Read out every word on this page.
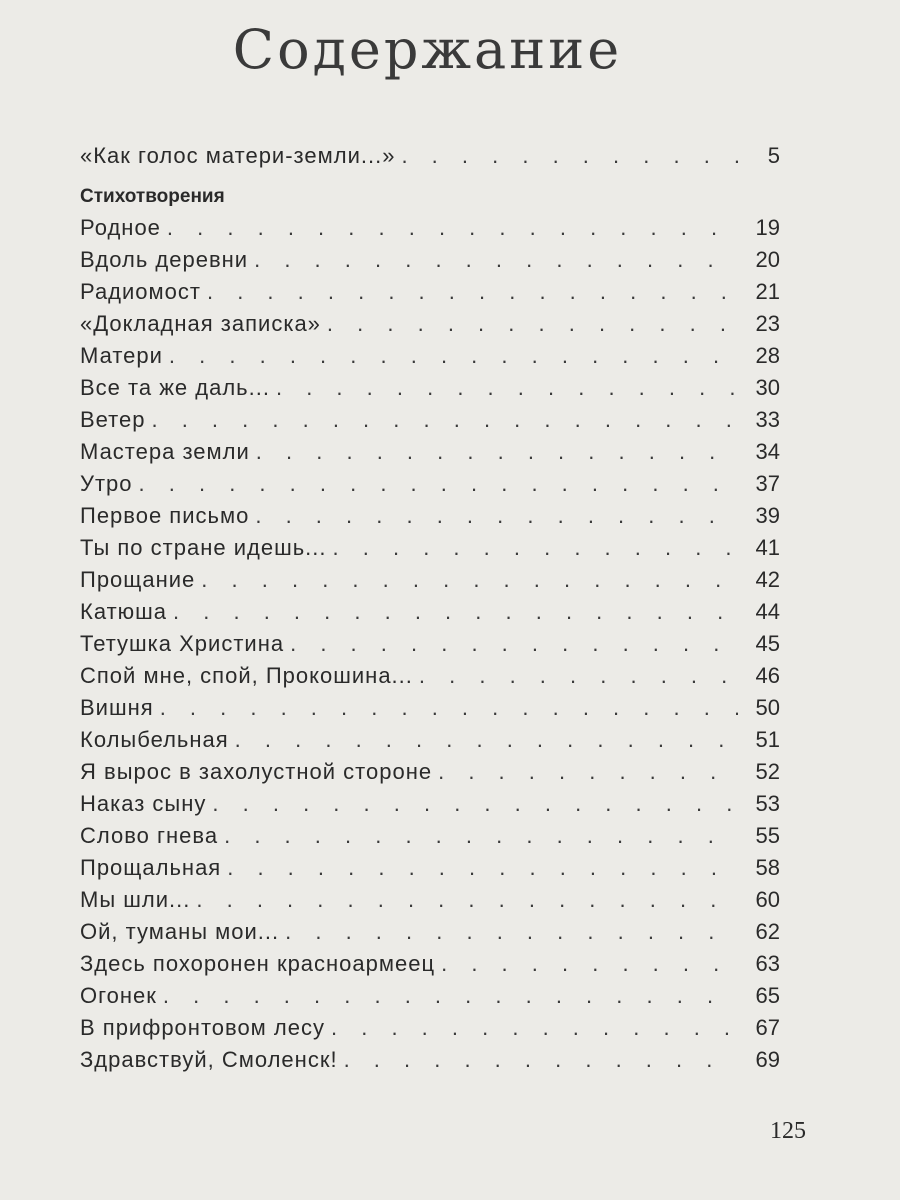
Содержание
«Как голос матери-земли...» . . .	5
Стихотворения
Родное . . .	19
Вдоль деревни . . .	20
Радиомост . . .	21
«Докладная записка» . . .	23
Матери . . .	28
Все та же даль... . . .	30
Ветер . . .	33
Мастера земли . . .	34
Утро . . .	37
Первое письмо . . .	39
Ты по стране идешь... . . .	41
Прощание . . .	42
Катюша . . .	44
Тетушка Христина . . .	45
Спой мне, спой, Прокошина... . . .	46
Вишня . . .	50
Колыбельная . . .	51
Я вырос в захолустной стороне . . .	52
Наказ сыну . . .	53
Слово гнева . . .	55
Прощальная . . .	58
Мы шли... . . .	60
Ой, туманы мои... . . .	62
Здесь похоронен красноармеец . . .	63
Огонек . . .	65
В прифронтовом лесу . . .	67
Здравствуй, Смоленск! . . .	69
125
